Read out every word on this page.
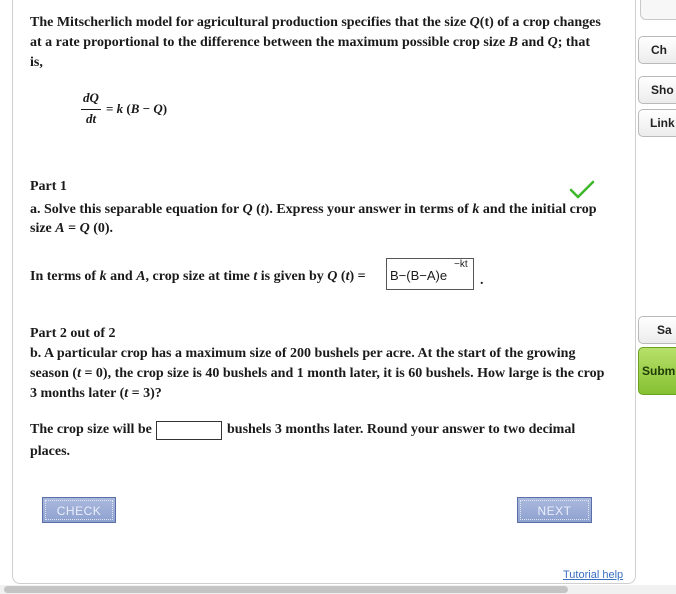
The Mitscherlich model for agricultural production specifies that the size Q(t) of a crop changes
at a rate proportional to the difference between the maximum possible crop size B and Q; that
is,
dQ
dt
= k (B − Q)
Part 1
a. Solve this separable equation for Q (t). Express your answer in terms of k and the initial crop
size A = Q (0).
In terms of k and A, crop size at time t is given by Q (t) =
−kt
B−(B−A)e .
Part 2 out of 2
b. A particular crop has a maximum size of 200 bushels per acre. At the start of the growing
season (t = 0), the crop size is 40 bushels and 1 month later, it is 60 bushels. How large is the crop
3 months later (t = 3)?
The crop size will be	bushels 3 months later. Round your answer to two decimal
places.
CHECK	NEXT
Tutorial help
Ch
Sho
Link
Sa
Subm
